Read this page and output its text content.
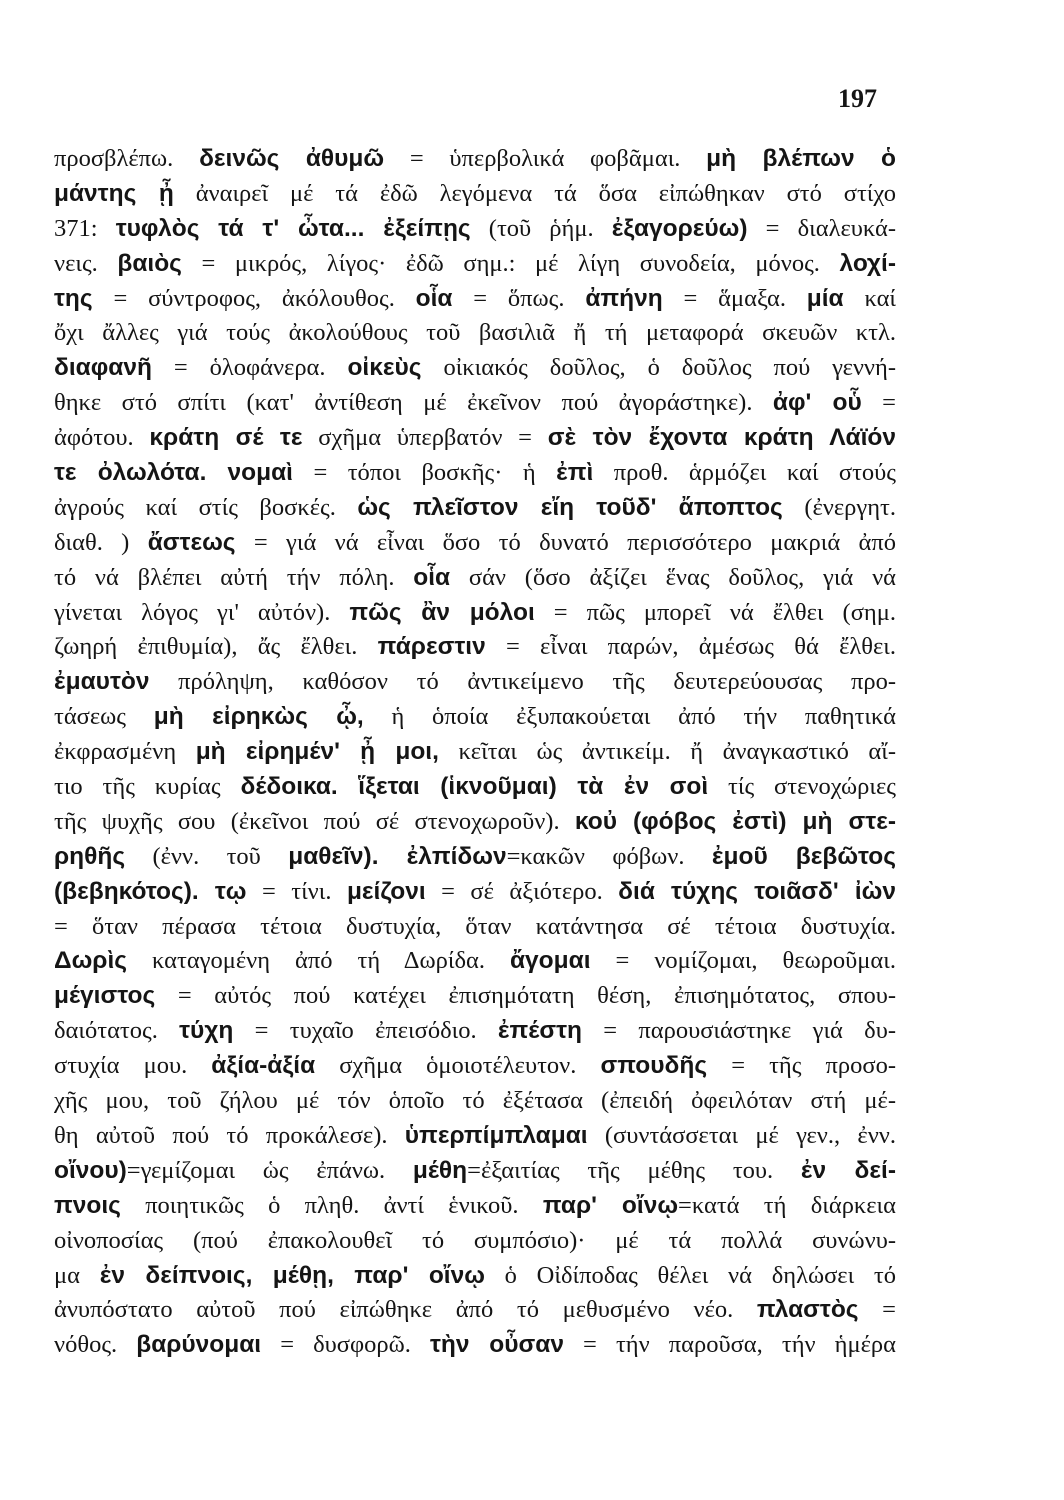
197
προσβλέπω. δεινῶς ἀθυμῶ = ὑπερβολικά φοβᾶμαι. μὴ βλέπων ὁ
μάντης ᾖ ἀναιρεῖ μέ τά ἐδῶ λεγόμενα τά ὅσα εἰπώθηκαν στό στίχο
371: τυφλὸς τά τ' ὦτα... ἐξείπῃς (τοῦ ῥήμ. ἐξαγορεύω) = διαλευκά-
νεις. βαιὸς = μικρός, λίγος· ἐδῶ σημ.: μέ λίγη συνοδεία, μόνος. λοχί-
της = σύντροφος, ἀκόλουθος. οἷα = ὅπως. ἀπήνη = ἅμαξα. μία καί
ὄχι ἄλλες γιά τούς ἀκολούθους τοῦ βασιλιᾶ ἤ τή μεταφορά σκευῶν κτλ.
διαφανῆ = ὁλοφάνερα. οἰκεὺς οἰκιακός δοῦλος, ὁ δοῦλος πού γεννή-
θηκε στό σπίτι (κατ' ἀντίθεση μέ ἐκεῖνον πού ἀγοράστηκε). ἀφ' οὗ =
ἀφότου. κράτη σέ τε σχῆμα ὑπερβατόν = σὲ τὸν ἔχοντα κράτη Λάϊόν
τε ὀλωλότα. νομαὶ = τόποι βοσκῆς· ἡ ἐπὶ προθ. ἁρμόζει καί στούς
ἀγρούς καί στίς βοσκές. ὡς πλεῖστον εἴη τοῦδ' ἄποπτος (ἐνεργητ.
διαθ. ) ἄστεως = γιά νά εἶναι ὅσο τό δυνατό περισσότερο μακριά ἀπό
τό νά βλέπει αὐτή τήν πόλη. οἷα σάν (ὅσο ἀξίζει ἕνας δοῦλος, γιά νά
γίνεται λόγος γι' αὐτόν). πῶς ἂν μόλοι = πῶς μπορεῖ νά ἔλθει (σημ.
ζωηρή ἐπιθυμία), ἄς ἔλθει. πάρεστιν = εἶναι παρών, ἀμέσως θά ἔλθει.
ἐμαυτὸν πρόληψη, καθόσον τό ἀντικείμενο τῆς δευτερεύουσας προ-
τάσεως μὴ εἰρηκὼς ᾦ, ἡ ὁποία ἐξυπακούεται ἀπό τήν παθητικά
ἐκφρασμένη μὴ εἰρημέν' ᾖ μοι, κεῖται ὡς ἀντικείμ. ἤ ἀναγκαστικό αἴ-
τιο τῆς κυρίας δέδοικα. ἵξεται (ἱκνοῦμαι) τὰ ἐν σοὶ τίς στενοχώριες
τῆς ψυχῆς σου (ἐκεῖνοι πού σέ στενοχωροῦν). κοὐ (φόβος ἐστὶ) μὴ στε-
ρηθῆς (ἐνν. τοῦ μαθεῖν). ἐλπίδων=κακῶν φόβων. ἐμοῦ βεβῶτος
(βεβηκότος). τῳ = τίνι. μείζονι = σέ ἀξιότερο. διά τύχης τοιᾶσδ' ἰὼν
= ὅταν πέρασα τέτοια δυστυχία, ὅταν κατάντησα σέ τέτοια δυστυχία.
Δωρὶς καταγομένη ἀπό τή Δωρίδα. ἄγομαι = νομίζομαι, θεωροῦμαι.
μέγιστος = αὐτός πού κατέχει ἐπισημότατη θέση, ἐπισημότατος, σπου-
δαιότατος. τύχη = τυχαῖο ἐπεισόδιο. ἐπέστη = παρουσιάστηκε γιά δυ-
στυχία μου. ἀξία-ἀξία σχῆμα ὁμοιοτέλευτον. σπουδῆς = τῆς προσο-
χῆς μου, τοῦ ζήλου μέ τόν ὁποῖο τό ἐξέτασα (ἐπειδή ὀφειλόταν στή μέ-
θη αὐτοῦ πού τό προκάλεσε). ὑπερπίμπλαμαι (συντάσσεται μέ γεν., ἐνν.
οἴνου)=γεμίζομαι ὡς ἐπάνω. μέθη=ἐξαιτίας τῆς μέθης του. ἐν δεί-
πνοις ποιητικῶς ὁ πληθ. ἀντί ἑνικοῦ. παρ' οἴνῳ=κατά τή διάρκεια
οἰνοποσίας (πού ἐπακολουθεῖ τό συμπόσιο)· μέ τά πολλά συνώνυ-
μα ἐν δείπνοις, μέθῃ, παρ' οἴνῳ ὁ Οἰδίποδας θέλει νά δηλώσει τό
ἀνυπόστατο αὐτοῦ πού εἰπώθηκε ἀπό τό μεθυσμένο νέο. πλαστὸς =
νόθος. βαρύνομαι = δυσφορῶ. τὴν οὖσαν = τήν παροῦσα, τήν ἡμέρα
